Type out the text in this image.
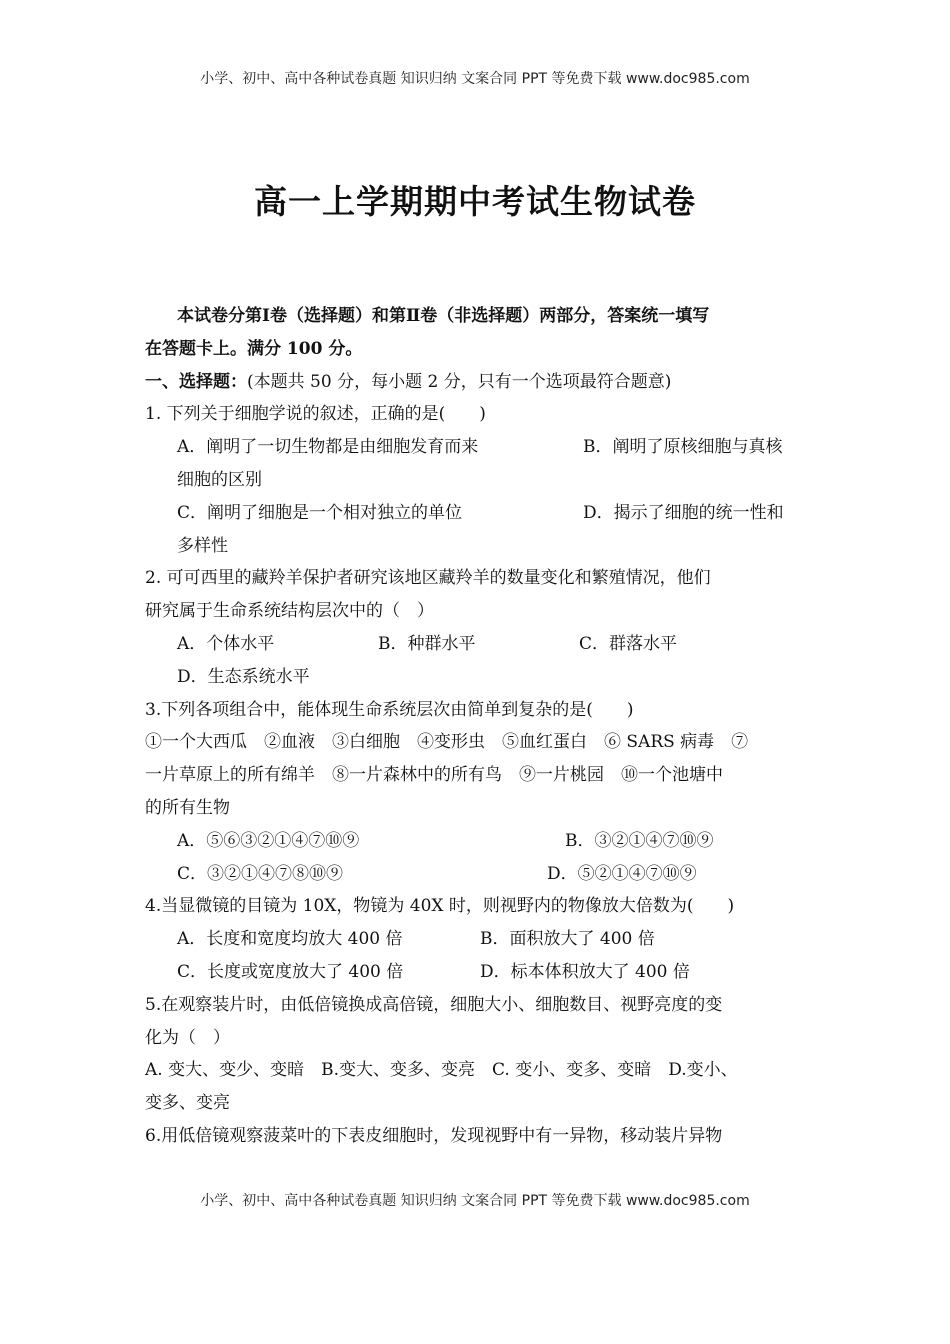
小学、初中、高中各种试卷真题 知识归纳 文案合同 PPT 等免费下载 www.doc985.com
高一上学期期中考试生物试卷
本试卷分第Ⅰ卷（选择题）和第Ⅱ卷（非选择题）两部分，答案统一填写
在答题卡上。满分 100 分。
一、选择题：(本题共 50 分，每小题 2 分，只有一个选项最符合题意)
1. 下列关于细胞学说的叙述，正确的是(　　)
A．阐明了一切生物都是由细胞发育而来	B．阐明了原核细胞与真核
细胞的区别
C．阐明了细胞是一个相对独立的单位	D．揭示了细胞的统一性和
多样性
2. 可可西里的藏羚羊保护者研究该地区藏羚羊的数量变化和繁殖情况，他们
研究属于生命系统结构层次中的（　）
A．个体水平	B．种群水平	C．群落水平
D．生态系统水平
3.下列各项组合中，能体现生命系统层次由简单到复杂的是(　　)
①一个大西瓜　②血液　③白细胞　④变形虫　⑤血红蛋白　⑥ SARS 病毒　⑦
一片草原上的所有绵羊　⑧一片森林中的所有鸟　⑨一片桃园　⑩一个池塘中
的所有生物
A．⑤⑥③②①④⑦⑩⑨	B．③②①④⑦⑩⑨
C．③②①④⑦⑧⑩⑨	D．⑤②①④⑦⑩⑨
4.当显微镜的目镜为 10X，物镜为 40X 时，则视野内的物像放大倍数为(　　)
A．长度和宽度均放大 400 倍	B．面积放大了 400 倍
C．长度或宽度放大了 400 倍	D．标本体积放大了 400 倍
5.在观察装片时，由低倍镜换成高倍镜，细胞大小、细胞数目、视野亮度的变
化为（　）
A. 变大、变少、变暗　B.变大、变多、变亮　C. 变小、变多、变暗　D.变小、
变多、变亮
6.用低倍镜观察菠菜叶的下表皮细胞时，发现视野中有一异物，移动装片异物
小学、初中、高中各种试卷真题 知识归纳 文案合同 PPT 等免费下载 www.doc985.com
